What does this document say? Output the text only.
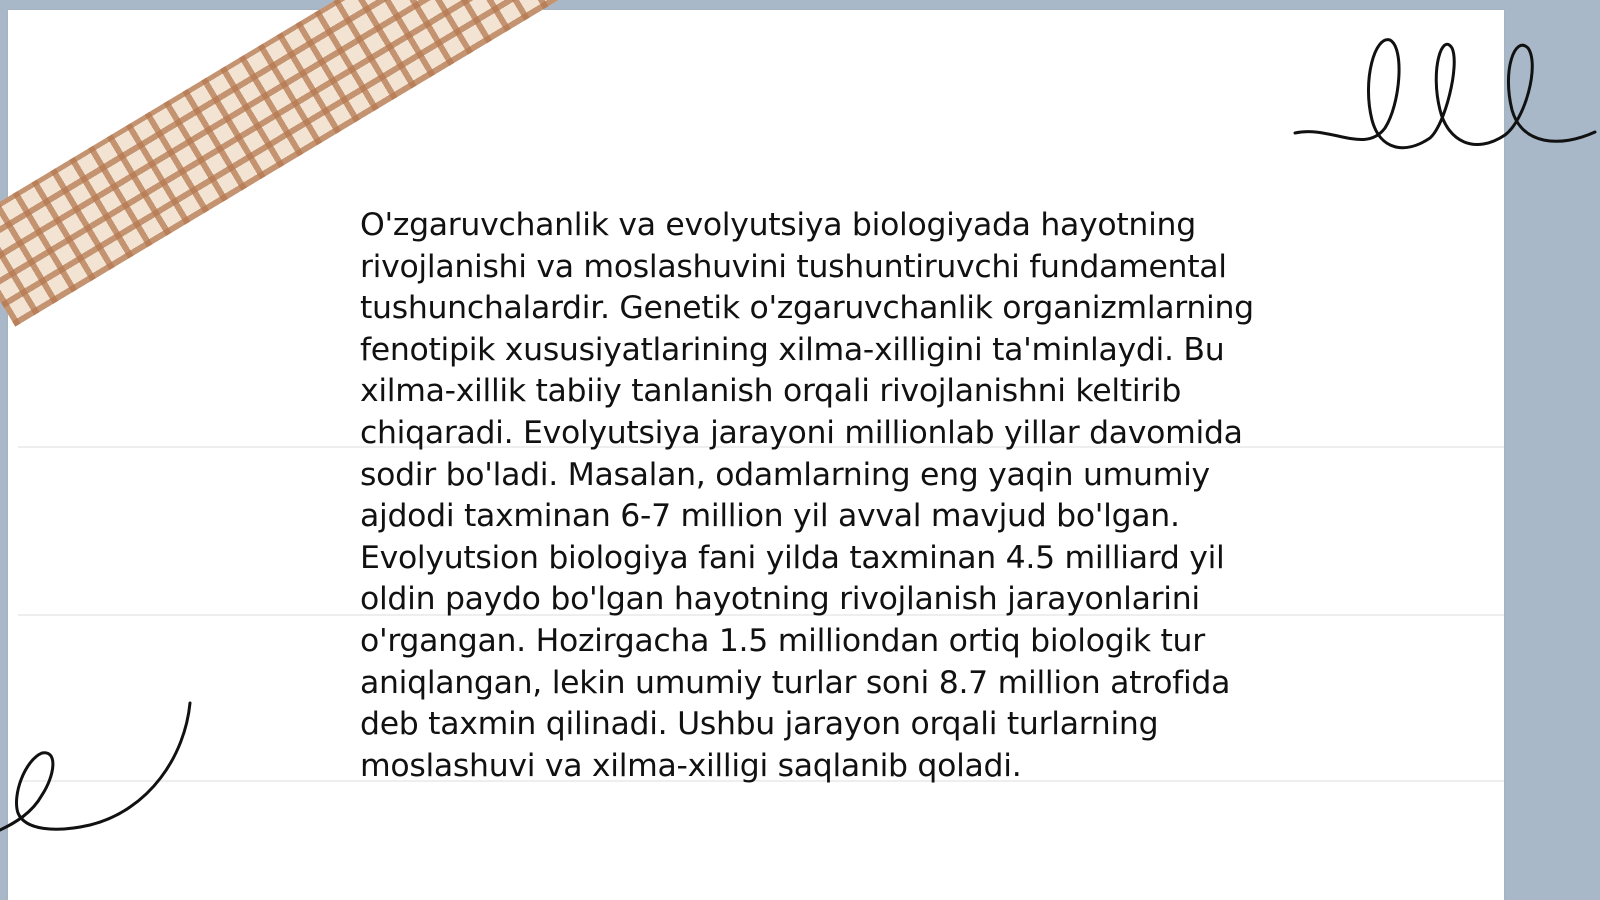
O'zgaruvchanlik va evolyutsiya biologiyada hayotning rivojlanishi va moslashuvini tushuntiruvchi fundamental tushunchalardir. Genetik o'zgaruvchanlik organizmlarning fenotipik xususiyatlarining xilma-xilligini ta'minlaydi. Bu xilma-xillik tabiiy tanlanish orqali rivojlanishni keltirib chiqaradi. Evolyutsiya jarayoni millionlab yillar davomida sodir bo'ladi. Masalan, odamlarning eng yaqin umumiy ajdodi taxminan 6-7 million yil avval mavjud bo'lgan. Evolyutsion biologiya fani yilda taxminan 4.5 milliard yil oldin paydo bo'lgan hayotning rivojlanish jarayonlarini o'rgangan. Hozirgacha 1.5 milliondan ortiq biologik tur aniqlangan, lekin umumiy turlar soni 8.7 million atrofida deb taxmin qilinadi. Ushbu jarayon orqali turlarning moslashuvi va xilma-xilligi saqlanib qoladi.
